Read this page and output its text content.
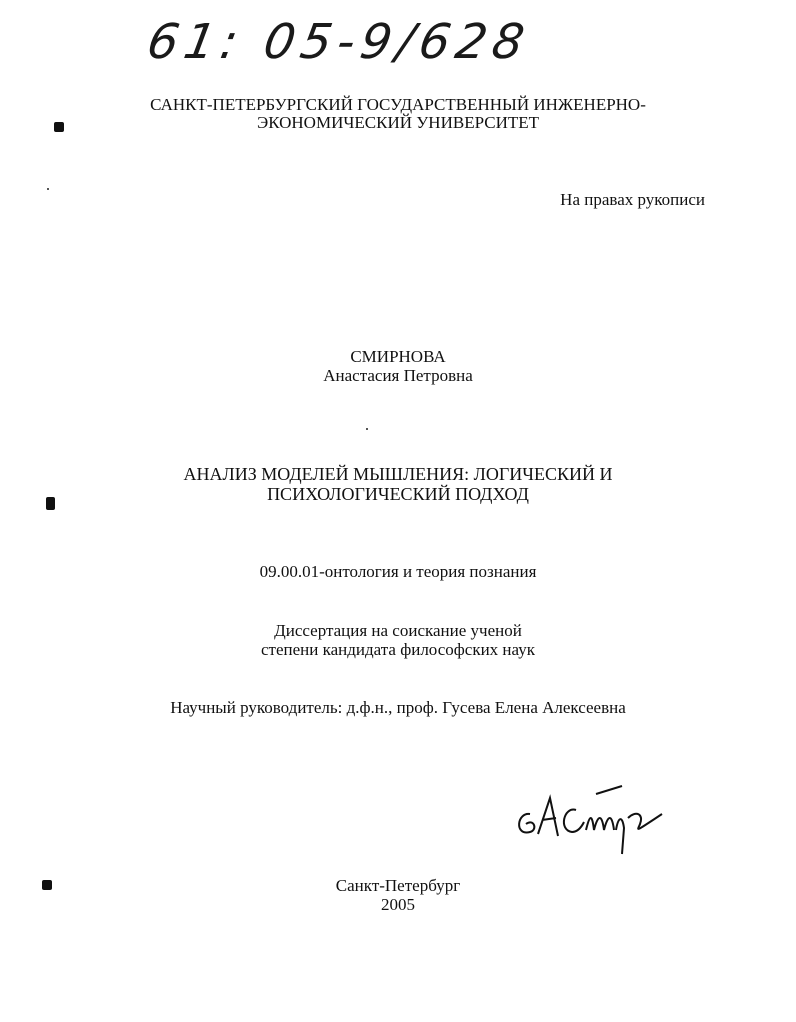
61: 05-9/628
САНКТ-ПЕТЕРБУРГСКИЙ ГОСУДАРСТВЕННЫЙ ИНЖЕНЕРНО-
ЭКОНОМИЧЕСКИЙ УНИВЕРСИТЕТ
На правах рукописи
СМИРНОВА
Анастасия Петровна
АНАЛИЗ МОДЕЛЕЙ МЫШЛЕНИЯ: ЛОГИЧЕСКИЙ И
ПСИХОЛОГИЧЕСКИЙ ПОДХОД
09.00.01-онтология и теория познания
Диссертация на соискание ученой
степени кандидата философских наук
Научный руководитель: д.ф.н., проф. Гусева Елена Алексеевна
Санкт-Петербург
2005
